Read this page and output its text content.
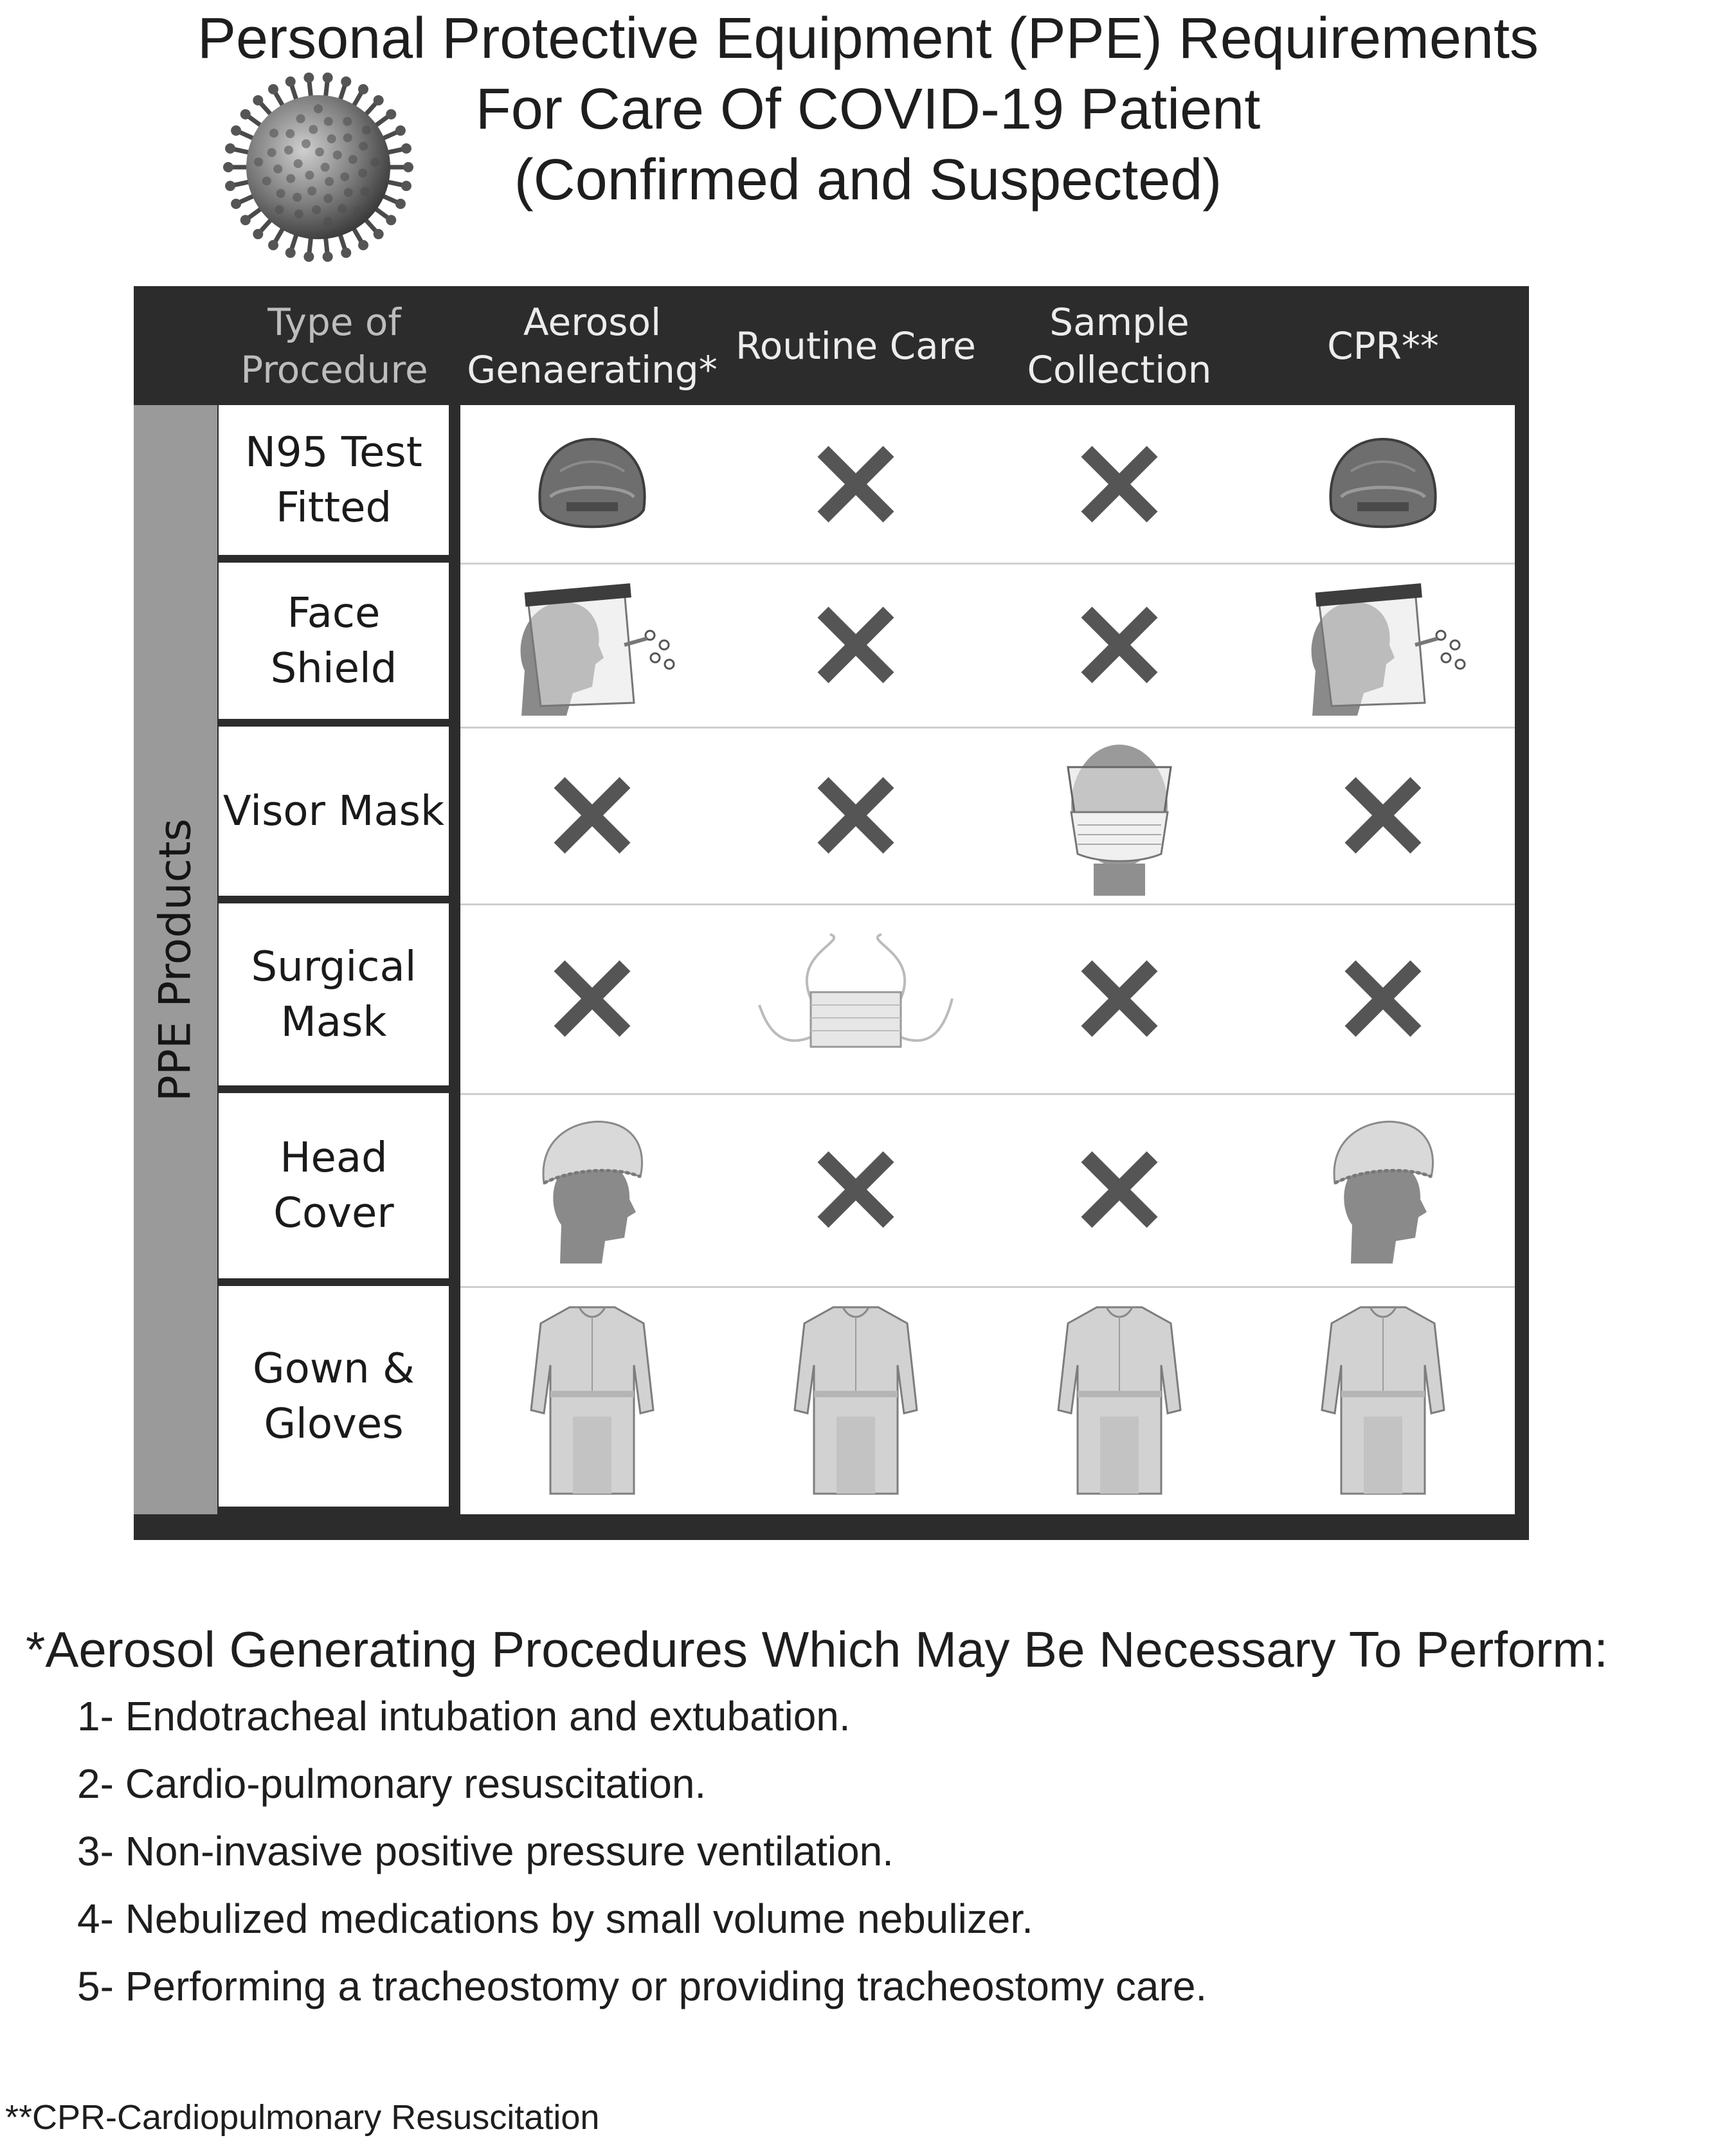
Personal Protective Equipment (PPE) Requirements
For Care Of COVID-19 Patient
(Confirmed and Suspected)
PPE Products
Type of Procedure
Aerosol Genaerating*
Routine Care
Sample Collection
CPR**
N95 Test Fitted
Face Shield
Visor Mask
Surgical Mask
Head Cover
Gown & Gloves
*Aerosol Generating Procedures Which May Be Necessary To Perform:
1- Endotracheal intubation and extubation.
2- Cardio-pulmonary resuscitation.
3- Non-invasive positive pressure ventilation.
4- Nebulized medications by small volume nebulizer.
5- Performing a tracheostomy or providing tracheostomy care.
**CPR-Cardiopulmonary Resuscitation
